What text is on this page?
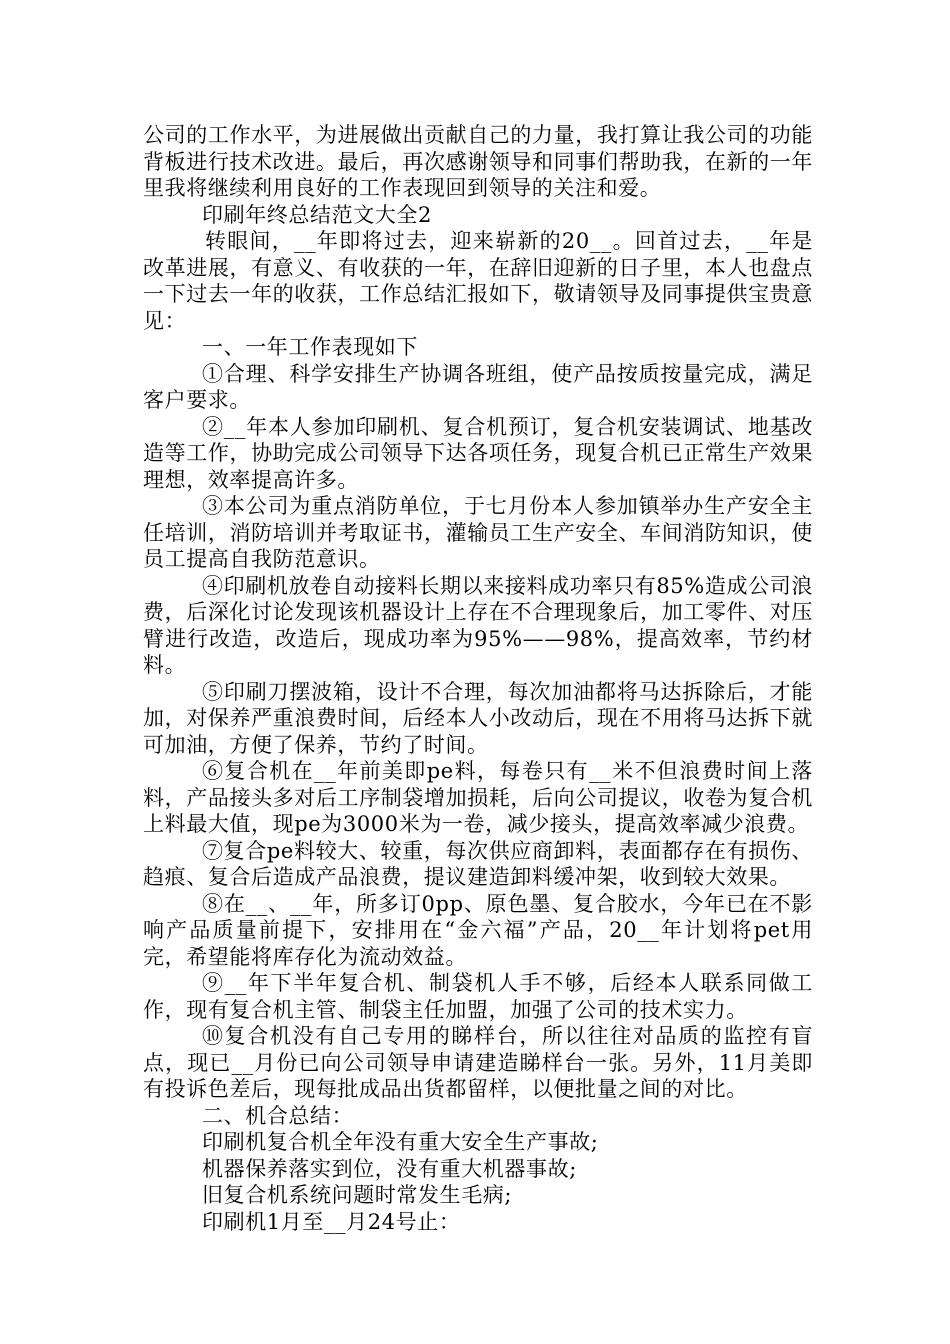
公司的工作水平，为进展做出贡献自己的力量，我打算让我公司的功能背板进行技术改进。最后，再次感谢领导和同事们帮助我，在新的一年里我将继续利用良好的工作表现回到领导的关注和爱。

印刷年终总结范文大全2

转眼间，__年即将过去，迎来崭新的20__。回首过去，__年是改革进展，有意义、有收获的一年，在辞旧迎新的日子里，本人也盘点一下过去一年的收获，工作总结汇报如下，敬请领导及同事提供宝贵意见：

一、一年工作表现如下

①合理、科学安排生产协调各班组，使产品按质按量完成，满足客户要求。

②__年本人参加印刷机、复合机预订，复合机安装调试、地基改造等工作，协助完成公司领导下达各项任务，现复合机已正常生产效果理想，效率提高许多。

③本公司为重点消防单位，于七月份本人参加镇举办生产安全主任培训，消防培训并考取证书，灌输员工生产安全、车间消防知识，使员工提高自我防范意识。

④印刷机放卷自动接料长期以来接料成功率只有85%造成公司浪费，后深化讨论发现该机器设计上存在不合理现象后，加工零件、对压臂进行改造，改造后，现成功率为95%——98%，提高效率，节约材料。

⑤印刷刀摆波箱，设计不合理，每次加油都将马达拆除后，才能加，对保养严重浪费时间，后经本人小改动后，现在不用将马达拆下就可加油，方便了保养，节约了时间。

⑥复合机在__年前美即pe料，每卷只有__米不但浪费时间上落料，产品接头多对后工序制袋增加损耗，后向公司提议，收卷为复合机上料最大值，现pe为3000米为一卷，减少接头，提高效率减少浪费。

⑦复合pe料较大、较重，每次供应商卸料，表面都存在有损伤、趋痕、复合后造成产品浪费，提议建造卸料缓冲架，收到较大效果。

⑧在__、__年，所多订0pp、原色墨、复合胶水，今年已在不影响产品质量前提下，安排用在“金六福”产品，20__年计划将pet用完，希望能将库存化为流动效益。

⑨__年下半年复合机、制袋机人手不够，后经本人联系同做工作，现有复合机主管、制袋主任加盟，加强了公司的技术实力。

⑩复合机没有自己专用的睇样台，所以往往对品质的监控有盲点，现已__月份已向公司领导申请建造睇样台一张。另外，11月美即有投诉色差后，现每批成品出货都留样，以便批量之间的对比。

二、机合总结：

印刷机复合机全年没有重大安全生产事故;

机器保养落实到位，没有重大机器事故;

旧复合机系统问题时常发生毛病;

印刷机1月至__月24号止：
